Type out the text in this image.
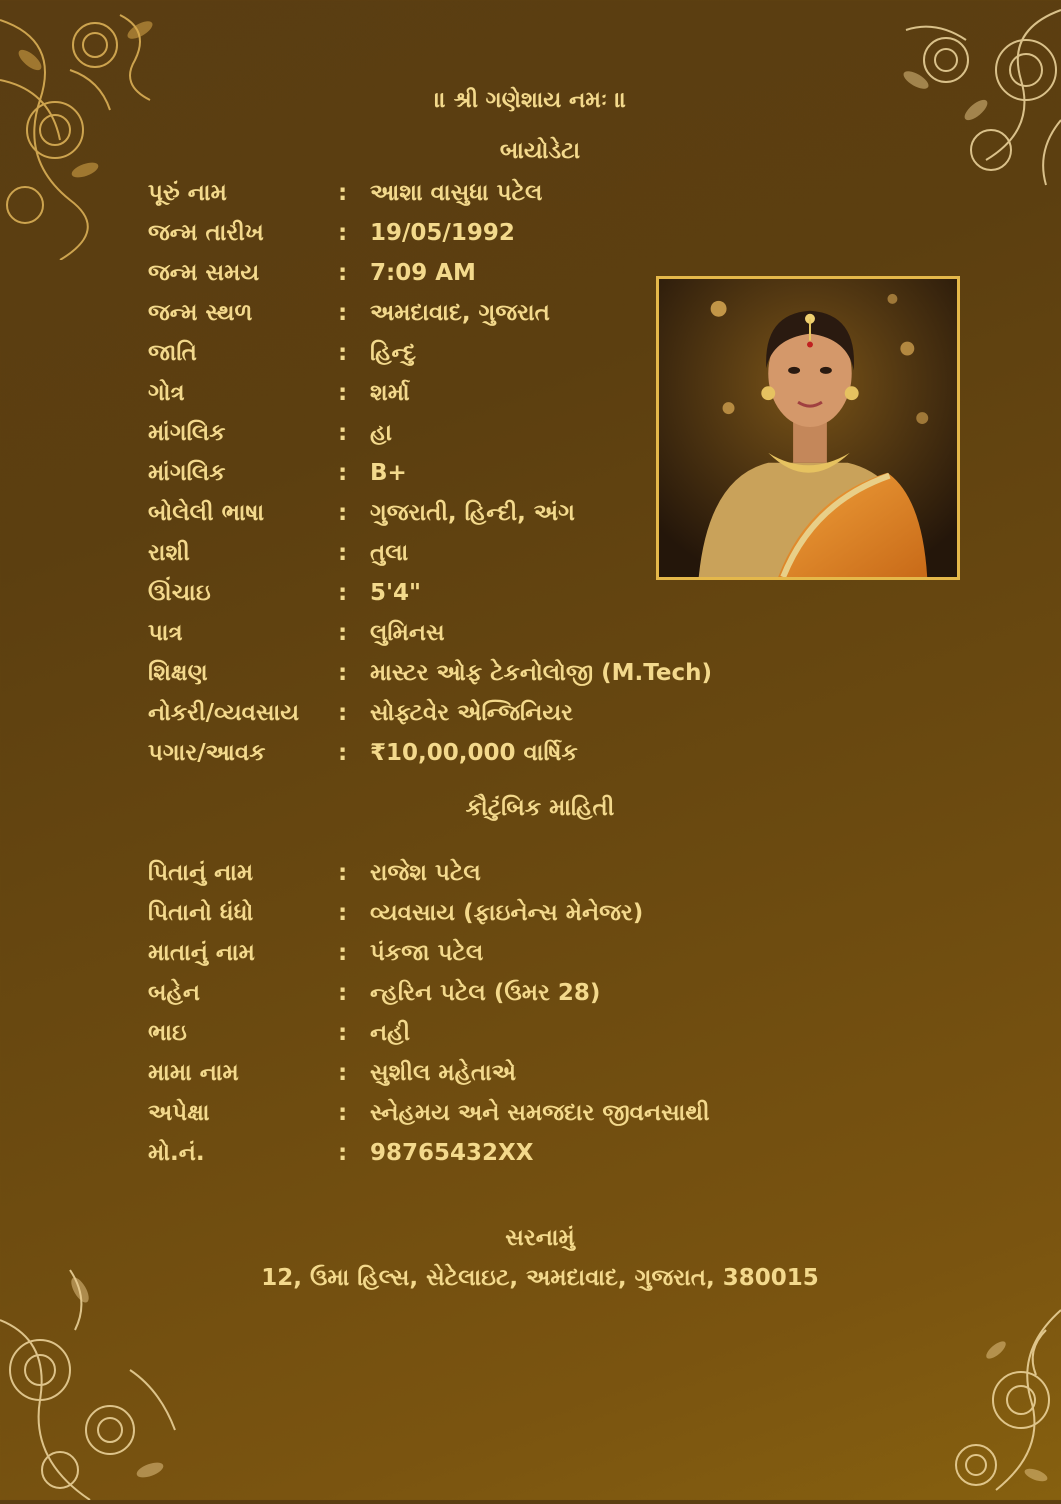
॥ શ્રી ગણેશાય નમઃ ॥
બાયોડેટા
પૂરું નામ	: આશા વાસુધા પટેલ
જન્મ તારીખ	: 19/05/1992
જન્મ સમય	: 7:09 AM
જન્મ સ્થળ	: અમદાવાદ, ગુજરાત
જાતિ	: હિન્દુ
ગોત્ર	: શર્મા
માંગલિક	: હા
માંગલિક	: B+
બોલેલી ભાષા	: ગુજરાતી, હિન્દી, અંગ
રાશી	: તુલા
ઊંચાઇ	: 5'4"
પાત્ર	: લુમિનસ
શિક્ષણ	: માસ્ટર ઓફ ટેકનોલોજી (M.Tech)
નોકરી/વ્યવસાય	: સોફ્ટવેર એન્જિનિયર
પગાર/આવક	: ₹10,00,000 વાર્ષિક
કૌટુંબિક માહિતી
પિતાનું નામ	: રાજેશ પટેલ
પિતાનો ધંધો	: વ્યવસાય (ફાઇનેન્સ મેનેજર)
માતાનું નામ	: પંકજા પટેલ
બહેન	: ન્હરિન પટેલ (ઉમર 28)
ભાઇ	: નહી
મામા નામ	: સુશીલ મહેતાએ
અપેક્ષા	: સ્નેહમય અને સમજદાર જીવનસાથી
મો.નં.	: 98765432XX
સરનામું
12, ઉમા હિલ્સ, સેટેલાઇટ, અમદાવાદ, ગુજરાત, 380015
